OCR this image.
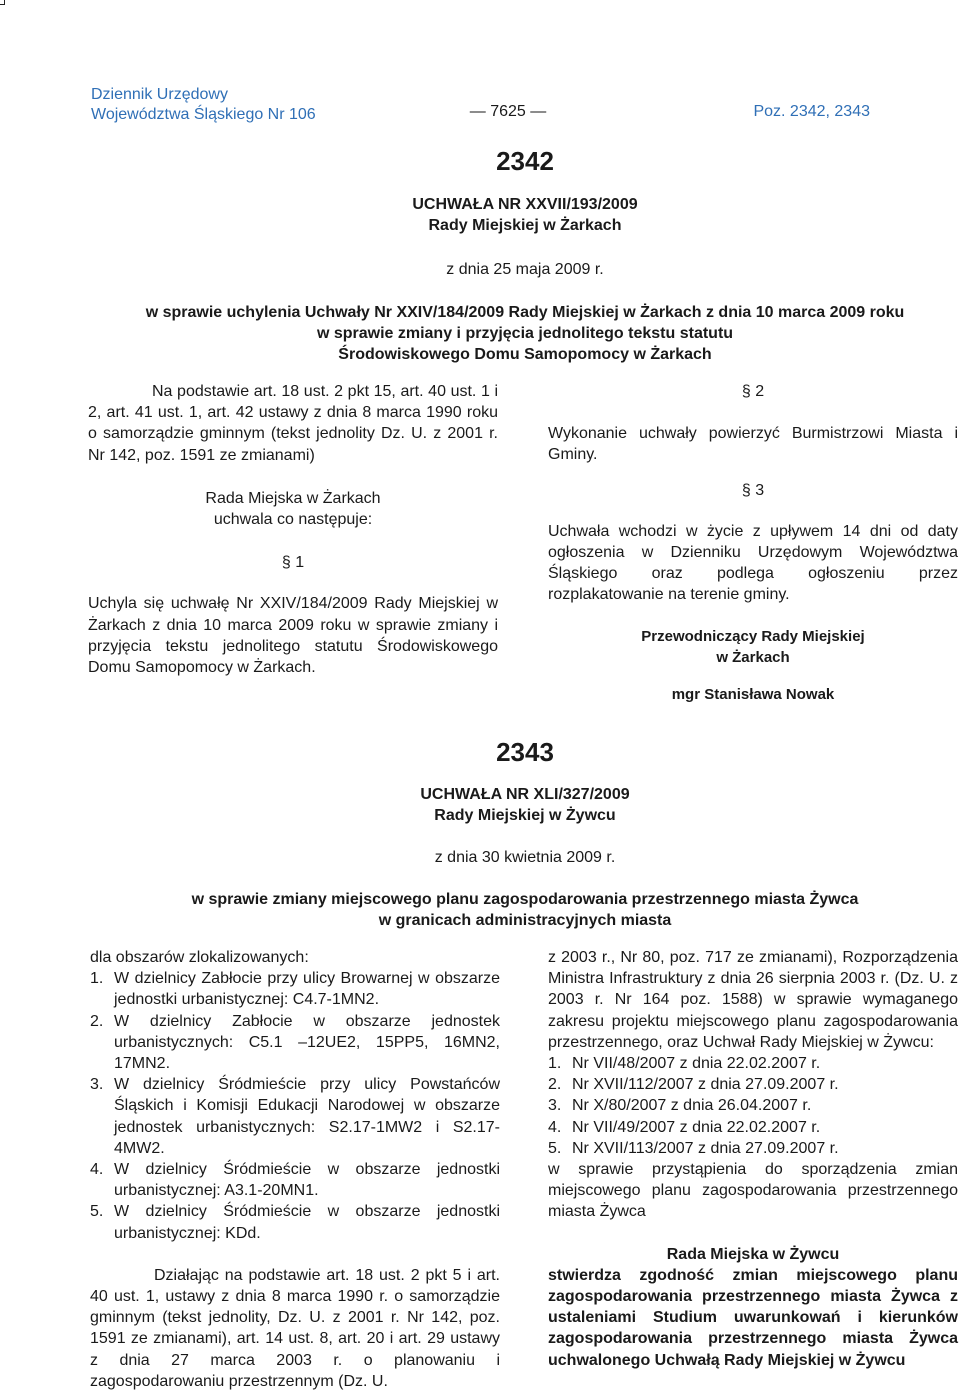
Dziennik Urzędowy
Województwa Śląskiego Nr 106	— 7625 —	Poz. 2342, 2343
2342
UCHWAŁA NR XXVII/193/2009
Rady Miejskiej w Żarkach
z dnia 25 maja 2009 r.
w sprawie uchylenia Uchwały Nr XXIV/184/2009 Rady Miejskiej w Żarkach z dnia 10 marca 2009 roku
w sprawie zmiany i przyjęcia jednolitego tekstu statutu
Środowiskowego Domu Samopomocy w Żarkach

Na podstawie art. 18 ust. 2 pkt 15, art. 40 ust. 1 i 2, art. 41 ust. 1, art. 42 ustawy z dnia 8 marca 1990 roku o samorządzie gminnym (tekst jednolity Dz. U. z 2001 r. Nr 142, poz. 1591 ze zmianami)

Rada Miejska w Żarkach

uchwala co następuje:

§ 1

Uchyla się uchwałę Nr XXIV/184/2009 Rady Miejskiej w Żarkach z dnia 10 marca 2009 roku w sprawie zmiany i przyjęcia tekstu jednolitego statutu Środowiskowego Domu Samopomocy w Żarkach.

§ 2

Wykonanie uchwały powierzyć Burmistrzowi Miasta i Gminy.

§ 3

Uchwała wchodzi w życie z upływem 14 dni od daty ogłoszenia w Dzienniku Urzędowym Województwa Śląskiego oraz podlega ogłoszeniu przez rozplakatowanie na terenie gminy.

Przewodniczący Rady Miejskiej
w Żarkach
mgr Stanisława Nowak
2343
UCHWAŁA NR XLI/327/2009
Rady Miejskiej w Żywcu
z dnia 30 kwietnia 2009 r.
w sprawie zmiany miejscowego planu zagospodarowania przestrzennego miasta Żywca
w granicach administracyjnych miasta

dla obszarów zlokalizowanych:

1. W dzielnicy Zabłocie przy ulicy Browarnej w obszarze jednostki urbanistycznej: C4.7-1MN2.
2. W dzielnicy Zabłocie w obszarze jednostek urbanistycznych: C5.1 –12UE2, 15PP5, 16MN2, 17MN2.
3. W dzielnicy Śródmieście przy ulicy Powstańców Śląskich i Komisji Edukacji Narodowej w obszarze jednostek urbanistycznych: S2.17-1MW2 i S2.17-4MW2.
4. W dzielnicy Śródmieście w obszarze jednostki urbanistycznej: A3.1-20MN1.
5. W dzielnicy Śródmieście w obszarze jednostki urbanistycznej: KDd.

Działając na podstawie art. 18 ust. 2 pkt 5 i art. 40 ust. 1, ustawy z dnia 8 marca 1990 r. o samorządzie gminnym (tekst jednolity, Dz. U. z 2001 r. Nr 142, poz. 1591 ze zmianami), art. 14 ust. 8, art. 20 i art. 29 ustawy z dnia 27 marca 2003 r. o planowaniu i zagospodarowaniu przestrzennym (Dz. U.

z 2003 r., Nr 80, poz. 717 ze zmianami), Rozporządzenia Ministra Infrastruktury z dnia 26 sierpnia 2003 r. (Dz. U. z 2003 r. Nr 164 poz. 1588) w sprawie wymaganego zakresu projektu miejscowego planu zagospodarowania przestrzennego, oraz Uchwał Rady Miejskiej w Żywcu:

1. Nr VII/48/2007 z dnia 22.02.2007 r.
2. Nr XVII/112/2007 z dnia 27.09.2007 r.
3. Nr X/80/2007 z dnia 26.04.2007 r.
4. Nr VII/49/2007 z dnia 22.02.2007 r.
5. Nr XVII/113/2007 z dnia 27.09.2007 r.

w sprawie przystąpienia do sporządzenia zmian miejscowego planu zagospodarowania przestrzennego miasta Żywca

Rada Miejska w Żywcu

stwierdza zgodność zmian miejscowego planu zagospodarowania przestrzennego miasta Żywca z ustaleniami Studium uwarunkowań i kierunków zagospodarowania przestrzennego miasta Żywca uchwalonego Uchwałą Rady Miejskiej w Żywcu
